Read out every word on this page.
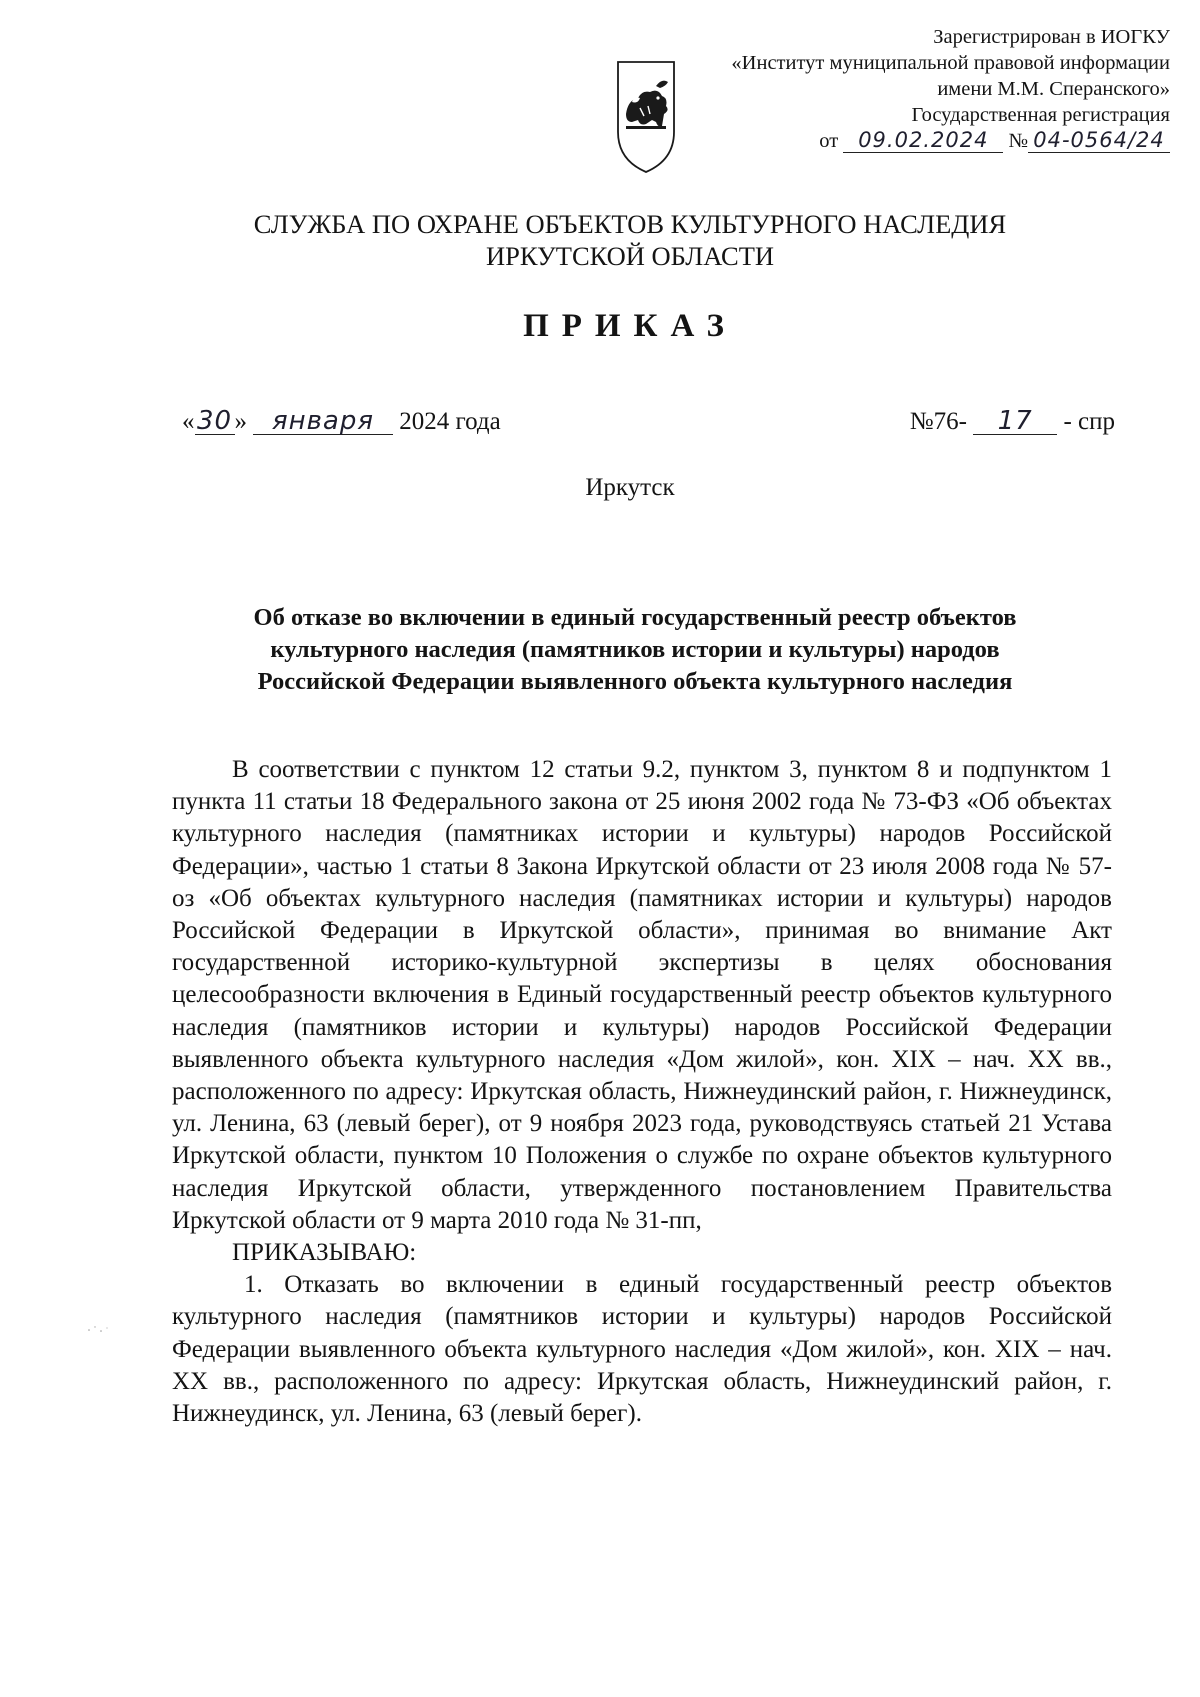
Зарегистрирован в ИОГКУ
«Институт муниципальной правовой информации
имени М.М. Сперанского»
Государственная регистрация
от 09.02.2024 № 04-0564/24
СЛУЖБА ПО ОХРАНЕ ОБЪЕКТОВ КУЛЬТУРНОГО НАСЛЕДИЯ
ИРКУТСКОЙ ОБЛАСТИ
ПРИКАЗ
«30» января 2024 года	№76- 17 - спр
Иркутск
Об отказе во включении в единый государственный реестр объектов
культурного наследия (памятников истории и культуры) народов
Российской Федерации выявленного объекта культурного наследия

В соответствии с пунктом 12 статьи 9.2, пунктом 3, пунктом 8 и подпунктом 1 пункта 11 статьи 18 Федерального закона от 25 июня 2002 года № 73-ФЗ «Об объектах культурного наследия (памятниках истории и культуры) народов Российской Федерации», частью 1 статьи 8 Закона Иркутской области от 23 июля 2008 года № 57-оз «Об объектах культурного наследия (памятниках истории и культуры) народов Российской Федерации в Иркутской области», принимая во внимание Акт государственной историко-культурной экспертизы в целях обоснования целесообразности включения в Единый государственный реестр объектов культурного наследия (памятников истории и культуры) народов Российской Федерации выявленного объекта культурного наследия «Дом жилой», кон. XIX – нач. XX вв., расположенного по адресу: Иркутская область, Нижнеудинский район, г. Нижнеудинск, ул. Ленина, 63 (левый берег), от 9 ноября 2023 года, руководствуясь статьей 21 Устава Иркутской области, пунктом 10 Положения о службе по охране объектов культурного наследия Иркутской области, утвержденного постановлением Правительства Иркутской области от 9 марта 2010 года № 31-пп,

ПРИКАЗЫВАЮ:

1. Отказать во включении в единый государственный реестр объектов культурного наследия (памятников истории и культуры) народов Российской Федерации выявленного объекта культурного наследия «Дом жилой», кон. XIX – нач. XX вв., расположенного по адресу: Иркутская область, Нижнеудинский район, г. Нижнеудинск, ул. Ленина, 63 (левый берег).
